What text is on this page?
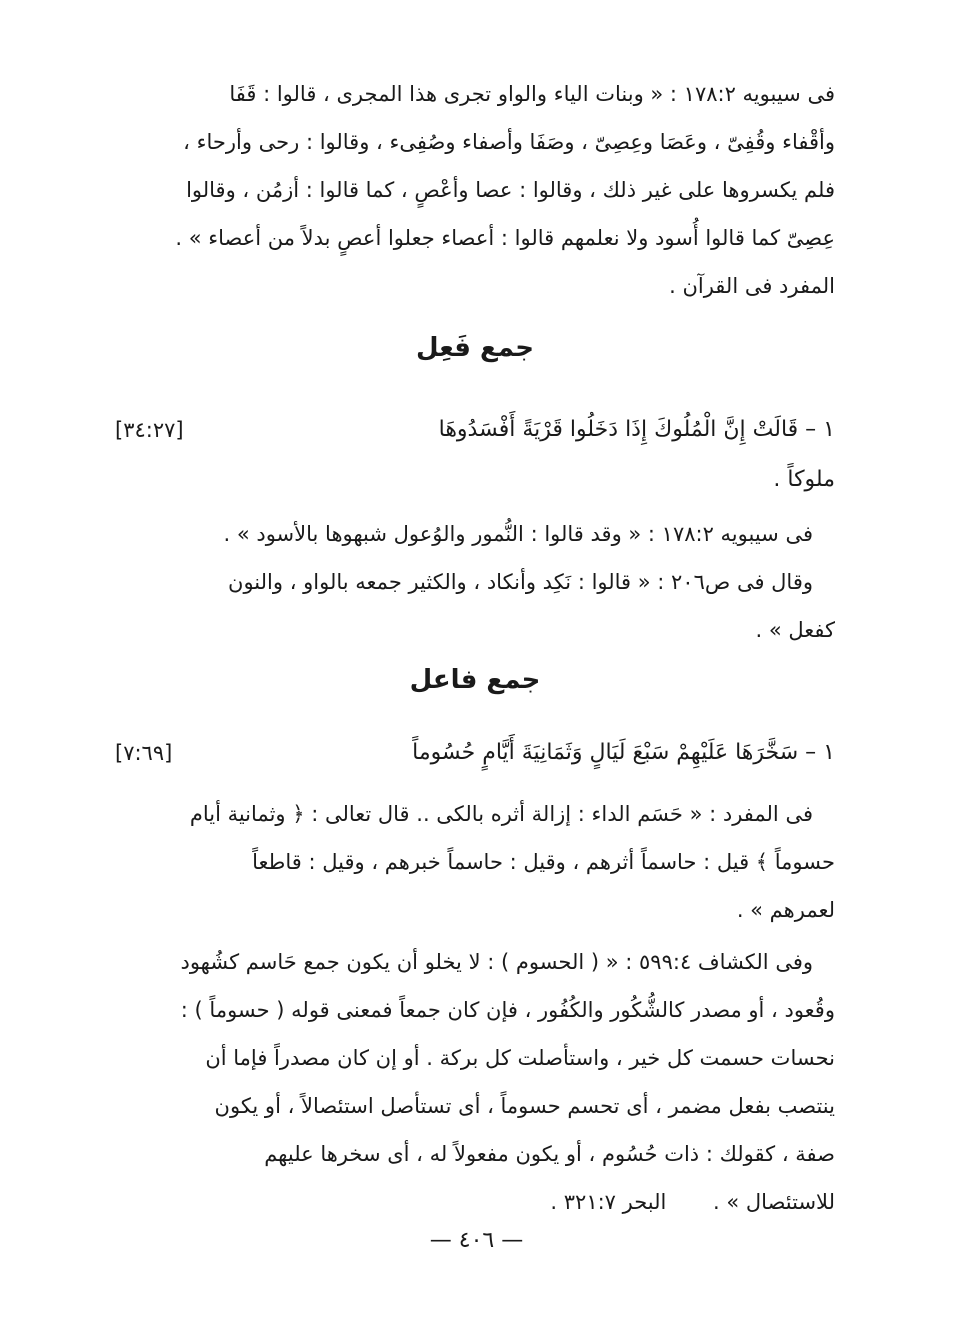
فى سيبويه ١٧٨:٢ : « وبنات الياء والواو تجرى هذا المجرى ، قالوا : قَفَا

وأقْفاء وقُفِىّ ، وعَصَا وعِصِىّ ، وصَفَا وأصفاء وصُفِىء ، وقالوا : رحى وأرحاء ،

فلم يكسروها على غير ذلك ، وقالوا : عصا وأعْصٍ ، كما قالوا : أزمُن ، وقالوا

عِصِىّ كما قالوا أُسود ولا نعلمهم قالوا : أعصاء جعلوا أعصٍ بدلاً من أعصاء » .

المفرد فى القرآن .

جمع فَعِل
[٣٤:٢٧]	١ – قَالَتْ إِنَّ الْمُلُوكَ إِذَا دَخَلُوا قَرْيَةً أَفْسَدُوهَا
ملوكاً .

فى سيبويه ١٧٨:٢ : « وقد قالوا : النُّمور والوُعول شبهوها بالأسود » .

وقال فى ص٢٠٦ : « قالوا : نَكِد وأنكاد ، والكثير جمعه بالواو ، والنون

كفعل » .

جمع فاعل
[٧:٦٩]	١ – سَخَّرَهَا عَلَيْهِمْ سَبْعَ لَيَالٍ وَثَمَانِيَةَ أَيَّامٍ حُسُوماً

فى المفرد : « حَسَم الداء : إزالة أثره بالكى .. قال تعالى : ﴿ وثمانية أيام

حسوماً ﴾ قيل : حاسماً أثرهم ، وقيل : حاسماً خبرهم ، وقيل : قاطعاً

لعمرهم » .

وفى الكشاف ٥٩٩:٤ : « ( الحسوم ) : لا يخلو أن يكون جمع حَاسم كشُهود

وقُعود ، أو مصدر كالشُّكُور والكُفُور ، فإن كان جمعاً فمعنى قوله ( حسوماً ) :

نحسات حسمت كل خير ، واستأصلت كل بركة . أو إن كان مصدراً فإما أن

ينتصب بفعل مضمر ، أى تحسم حسوماً ، أى تستأصل استئصالاً ، أو يكون

صفة ، كقولك : ذات حُسُوم ، أو يكون مفعولاً له ، أى سخرها عليهم

للاستئصال » . البحر ٣٢١:٧ .

— ٤٠٦ —
